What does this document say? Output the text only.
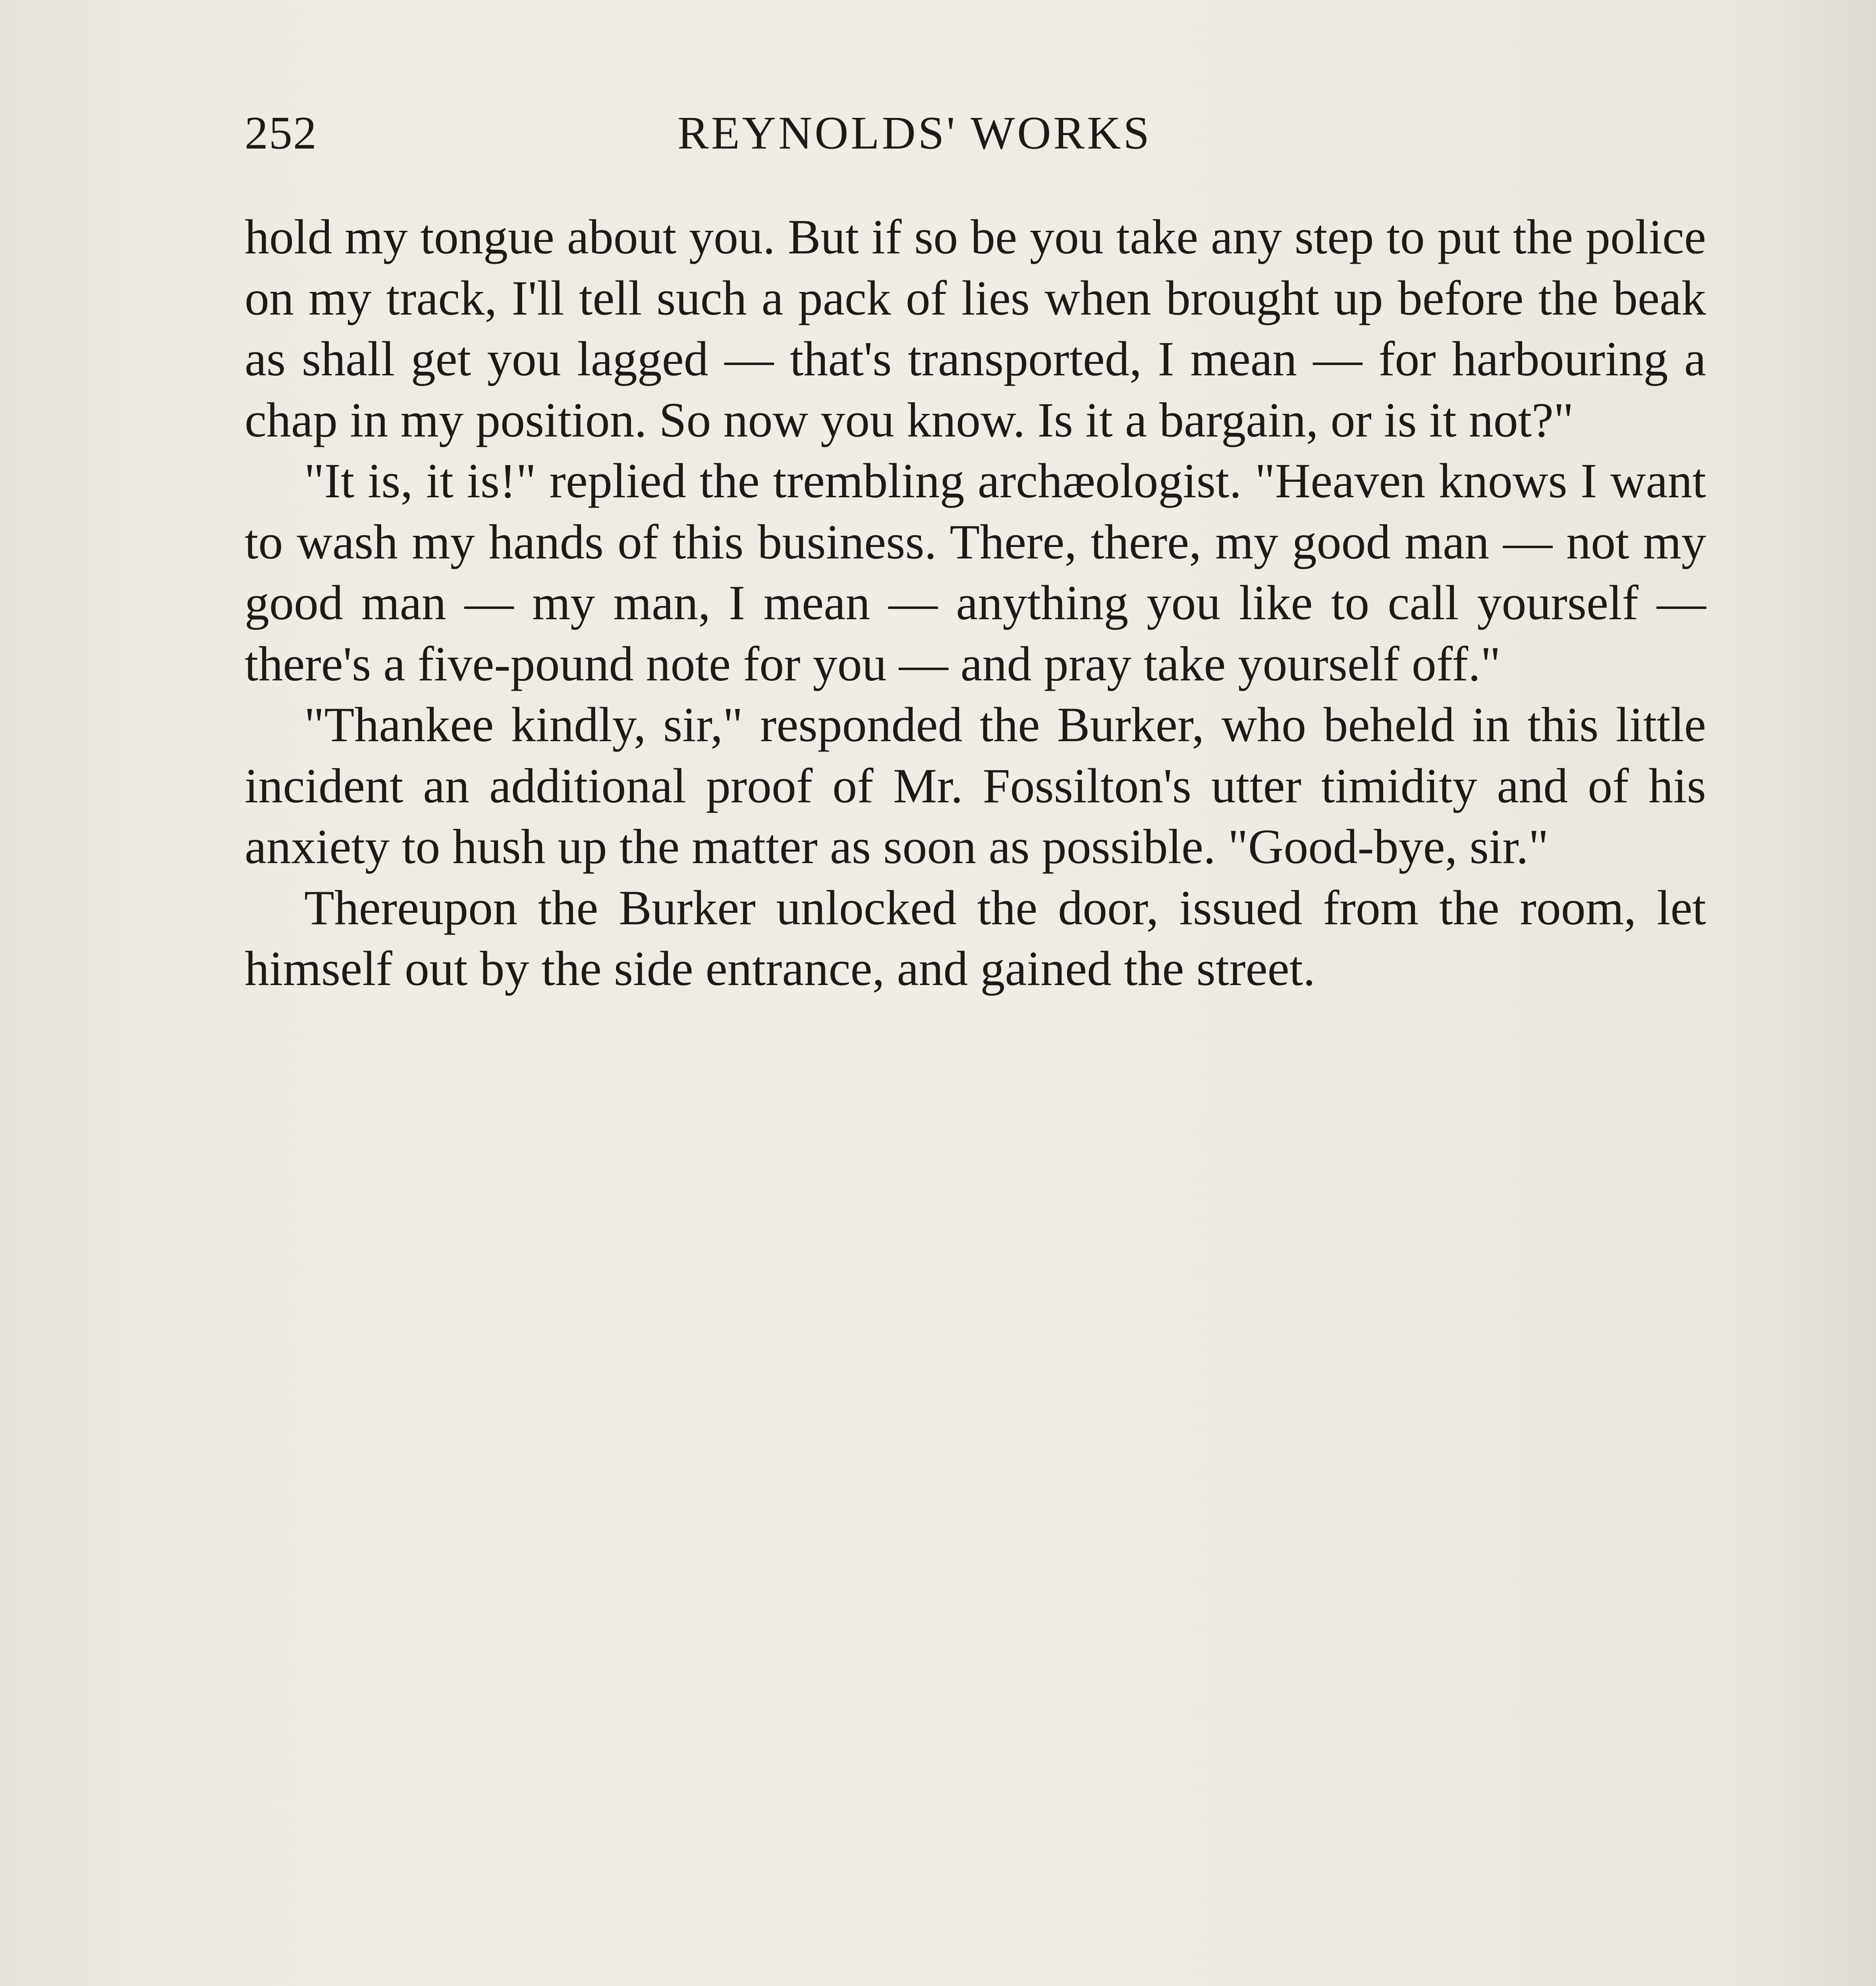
252	REYNOLDS' WORKS

hold my tongue about you. But if so be you take any step to put the police on my track, I'll tell such a pack of lies when brought up before the beak as shall get you lagged — that's transported, I mean — for harbouring a chap in my position. So now you know. Is it a bargain, or is it not?"

"It is, it is!" replied the trembling archæologist. "Heaven knows I want to wash my hands of this business. There, there, my good man — not my good man — my man, I mean — anything you like to call yourself — there's a five-pound note for you — and pray take yourself off."

"Thankee kindly, sir," responded the Burker, who beheld in this little incident an additional proof of Mr. Fossilton's utter timidity and of his anxiety to hush up the matter as soon as possible. "Good-bye, sir."

Thereupon the Burker unlocked the door, issued from the room, let himself out by the side entrance, and gained the street.
